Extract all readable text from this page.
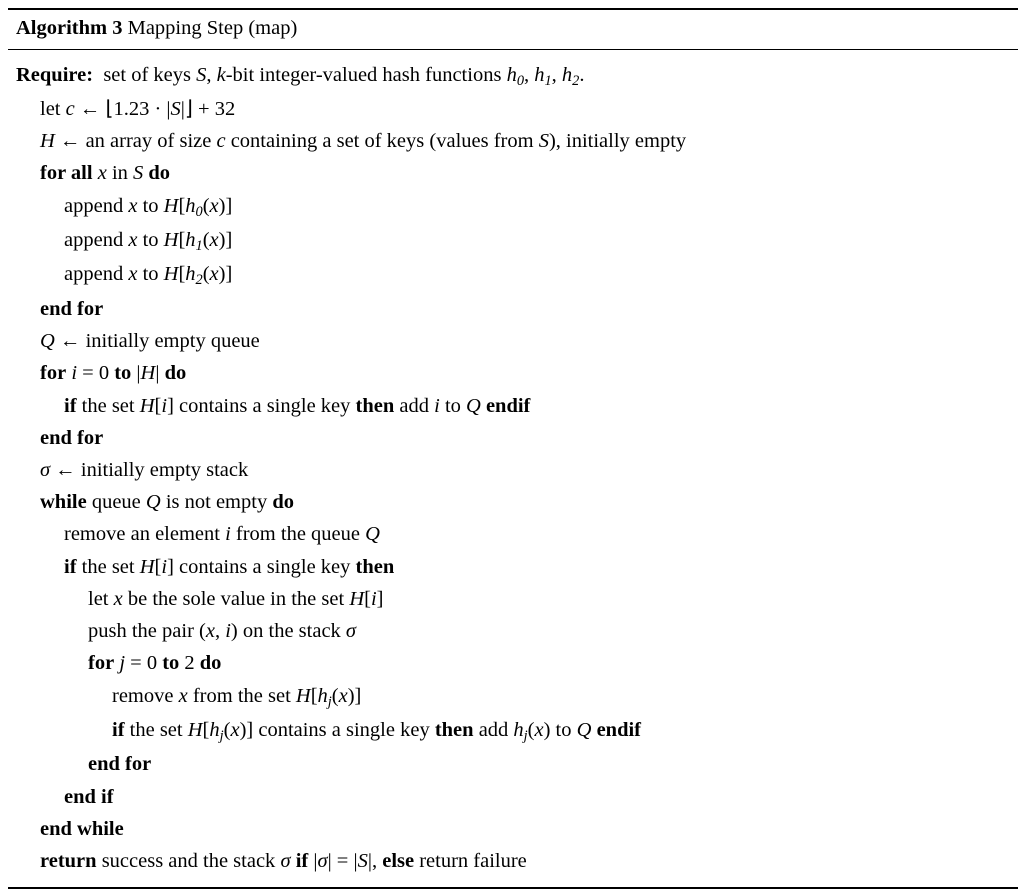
Algorithm 3 Mapping Step (map)
Require:  set of keys S, k-bit integer-valued hash functions $h_0$, $h_1$, $h_2$.
let c ← ⌊1.23 · |S|⌋ + 32
H ← an array of size c containing a set of keys (values from S), initially empty
for all x in S do
append x to $H[h_0(x)]$
append x to $H[h_1(x)]$
append x to $H[h_2(x)]$
end for
Q ← initially empty queue
for i = 0 to |H| do
if the set H[i] contains a single key then add i to Q endif
end for
σ ← initially empty stack
while queue Q is not empty do
remove an element i from the queue Q
if the set H[i] contains a single key then
let x be the sole value in the set H[i]
push the pair (x, i) on the stack σ
for j = 0 to 2 do
remove x from the set $H[h_j(x)]$
if the set $H[h_j(x)]$ contains a single key then add $h_j(x)$ to Q endif
end for
end if
end while
return success and the stack σ if |σ| = |S|, else return failure
